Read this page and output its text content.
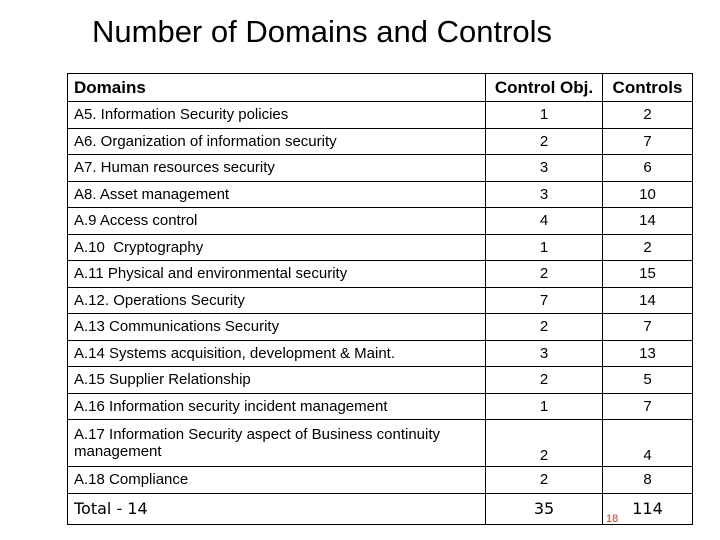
Number of Domains and Controls
Domains	Control Obj.	Controls
A5. Information Security policies	1	2
A6. Organization of information security	2	7
A7. Human resources security	3	6
A8. Asset management	3	10
A.9 Access control	4	14
A.10  Cryptography	1	2
A.11 Physical and environmental security	2	15
A.12. Operations Security	7	14
A.13 Communications Security	2	7
A.14 Systems acquisition, development & Maint.	3	13
A.15 Supplier Relationship	2	5
A.16 Information security incident management	1	7
A.17 Information Security aspect of Business continuity management	2	4
A.18 Compliance	2	8
Total - 14	35	114
18
